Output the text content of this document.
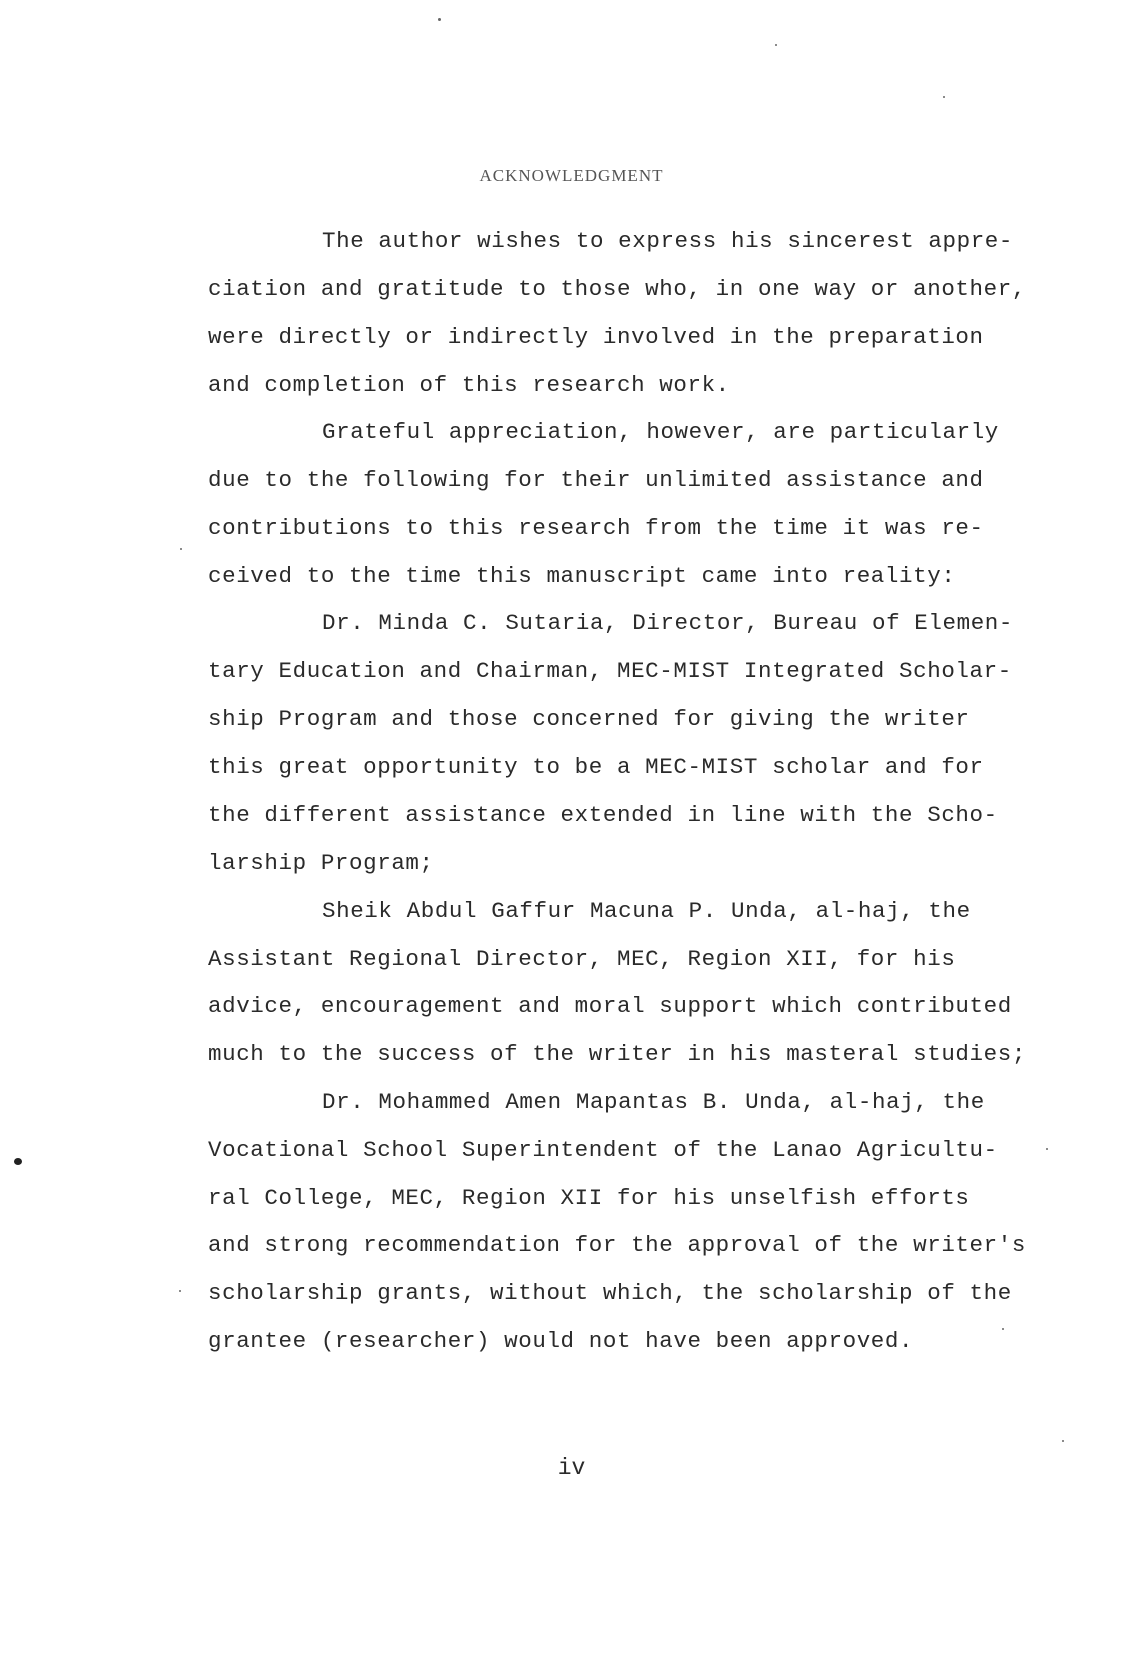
ACKNOWLEDGMENT
The author wishes to express his sincerest appre-
ciation and gratitude to those who, in one way or another,
were directly or indirectly involved in the preparation
and completion of this research work.
Grateful appreciation, however, are particularly
due to the following for their unlimited assistance and
contributions to this research from the time it was re-
ceived to the time this manuscript came into reality:
Dr. Minda C. Sutaria, Director, Bureau of Elemen-
tary Education and Chairman, MEC-MIST Integrated Scholar-
ship Program and those concerned for giving the writer
this great opportunity to be a MEC-MIST scholar and for
the different assistance extended in line with the Scho-
larship Program;
Sheik Abdul Gaffur Macuna P. Unda, al-haj, the
Assistant Regional Director, MEC, Region XII, for his
advice, encouragement and moral support which contributed
much to the success of the writer in his masteral studies;
Dr. Mohammed Amen Mapantas B. Unda, al-haj, the
Vocational School Superintendent of the Lanao Agricultu-
ral College, MEC, Region XII for his unselfish efforts
and strong recommendation for the approval of the writer's
scholarship grants, without which, the scholarship of the
grantee (researcher) would not have been approved.
iv
